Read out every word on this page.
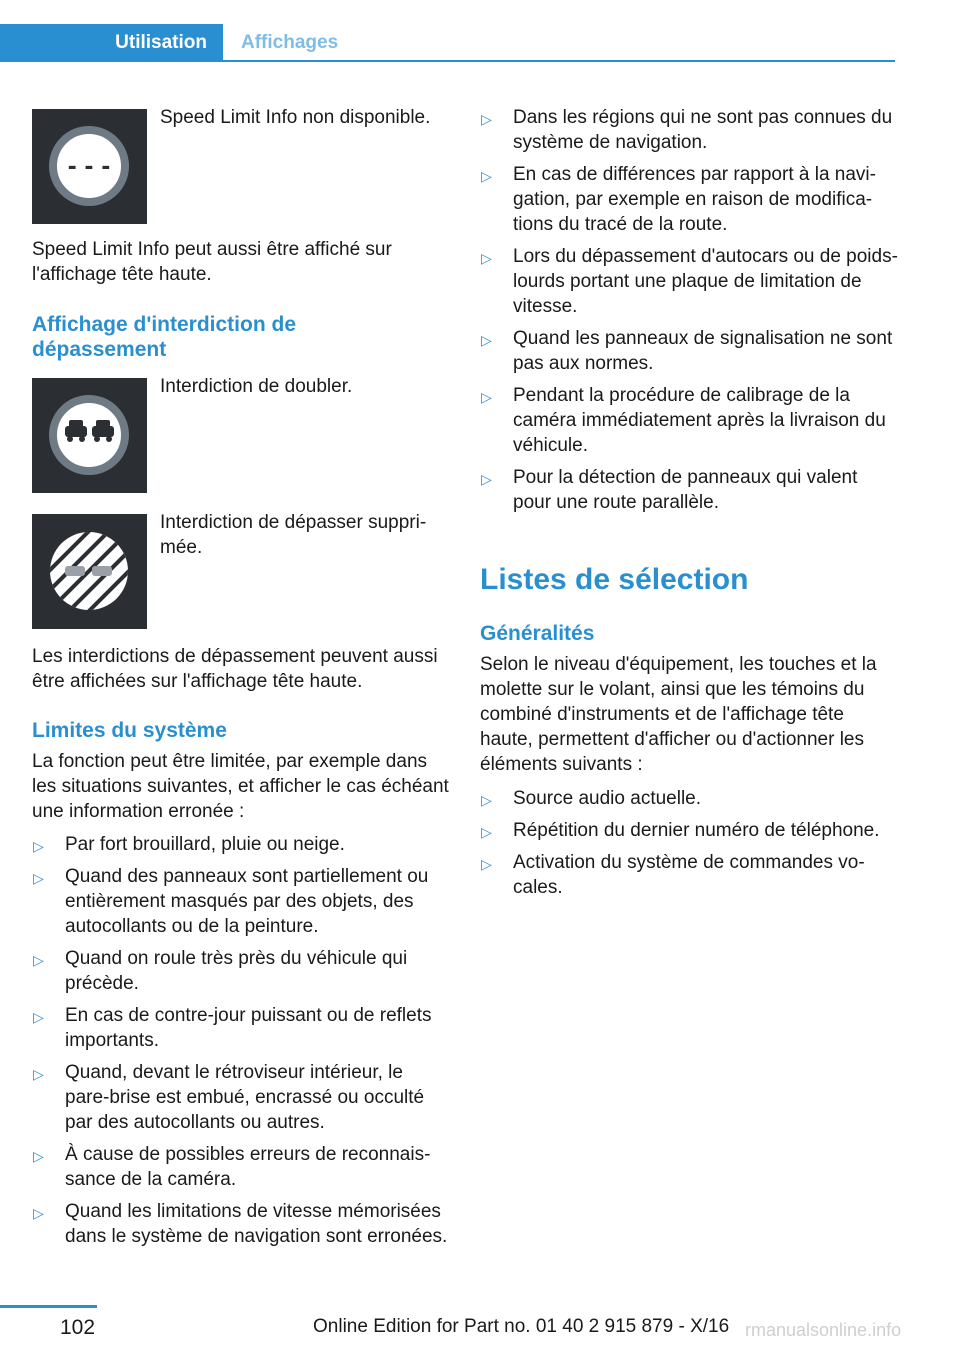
Utilisation	Affichages
- - -
Speed Limit Info non disponible.

Speed Limit Info peut aussi être affiché sur l'affichage tête haute.

Affichage d'interdiction de dépassement
Interdiction de doubler.
Interdiction de dépasser supprimée.

Les interdictions de dépassement peuvent aussi être affichées sur l'affichage tête haute.

Limites du système

La fonction peut être limitée, par exemple dans les situations suivantes, et afficher le cas échéant une information erronée :

▷ Par fort brouillard, pluie ou neige.
▷ Quand des panneaux sont partiellement ou entièrement masqués par des objets, des autocollants ou de la peinture.
▷ Quand on roule très près du véhicule qui précède.
▷ En cas de contre-jour puissant ou de reflets importants.
▷ Quand, devant le rétroviseur intérieur, le pare-brise est embué, encrassé ou occulté par des autocollants ou autres.
▷ À cause de possibles erreurs de reconnaissance de la caméra.
▷ Quand les limitations de vitesse mémorisées dans le système de navigation sont erronées.
▷ Dans les régions qui ne sont pas connues du système de navigation.
▷ En cas de différences par rapport à la navigation, par exemple en raison de modifications du tracé de la route.
▷ Lors du dépassement d'autocars ou de poids-lourds portant une plaque de limitation de vitesse.
▷ Quand les panneaux de signalisation ne sont pas aux normes.
▷ Pendant la procédure de calibrage de la caméra immédiatement après la livraison du véhicule.
▷ Pour la détection de panneaux qui valent pour une route parallèle.
Listes de sélection
Généralités

Selon le niveau d'équipement, les touches et la molette sur le volant, ainsi que les témoins du combiné d'instruments et de l'affichage tête haute, permettent d'afficher ou d'actionner les éléments suivants :

▷ Source audio actuelle.
▷ Répétition du dernier numéro de téléphone.
▷ Activation du système de commandes vocales.
102	Online Edition for Part no. 01 40 2 915 879 - X/16 rmanualsonline.info
